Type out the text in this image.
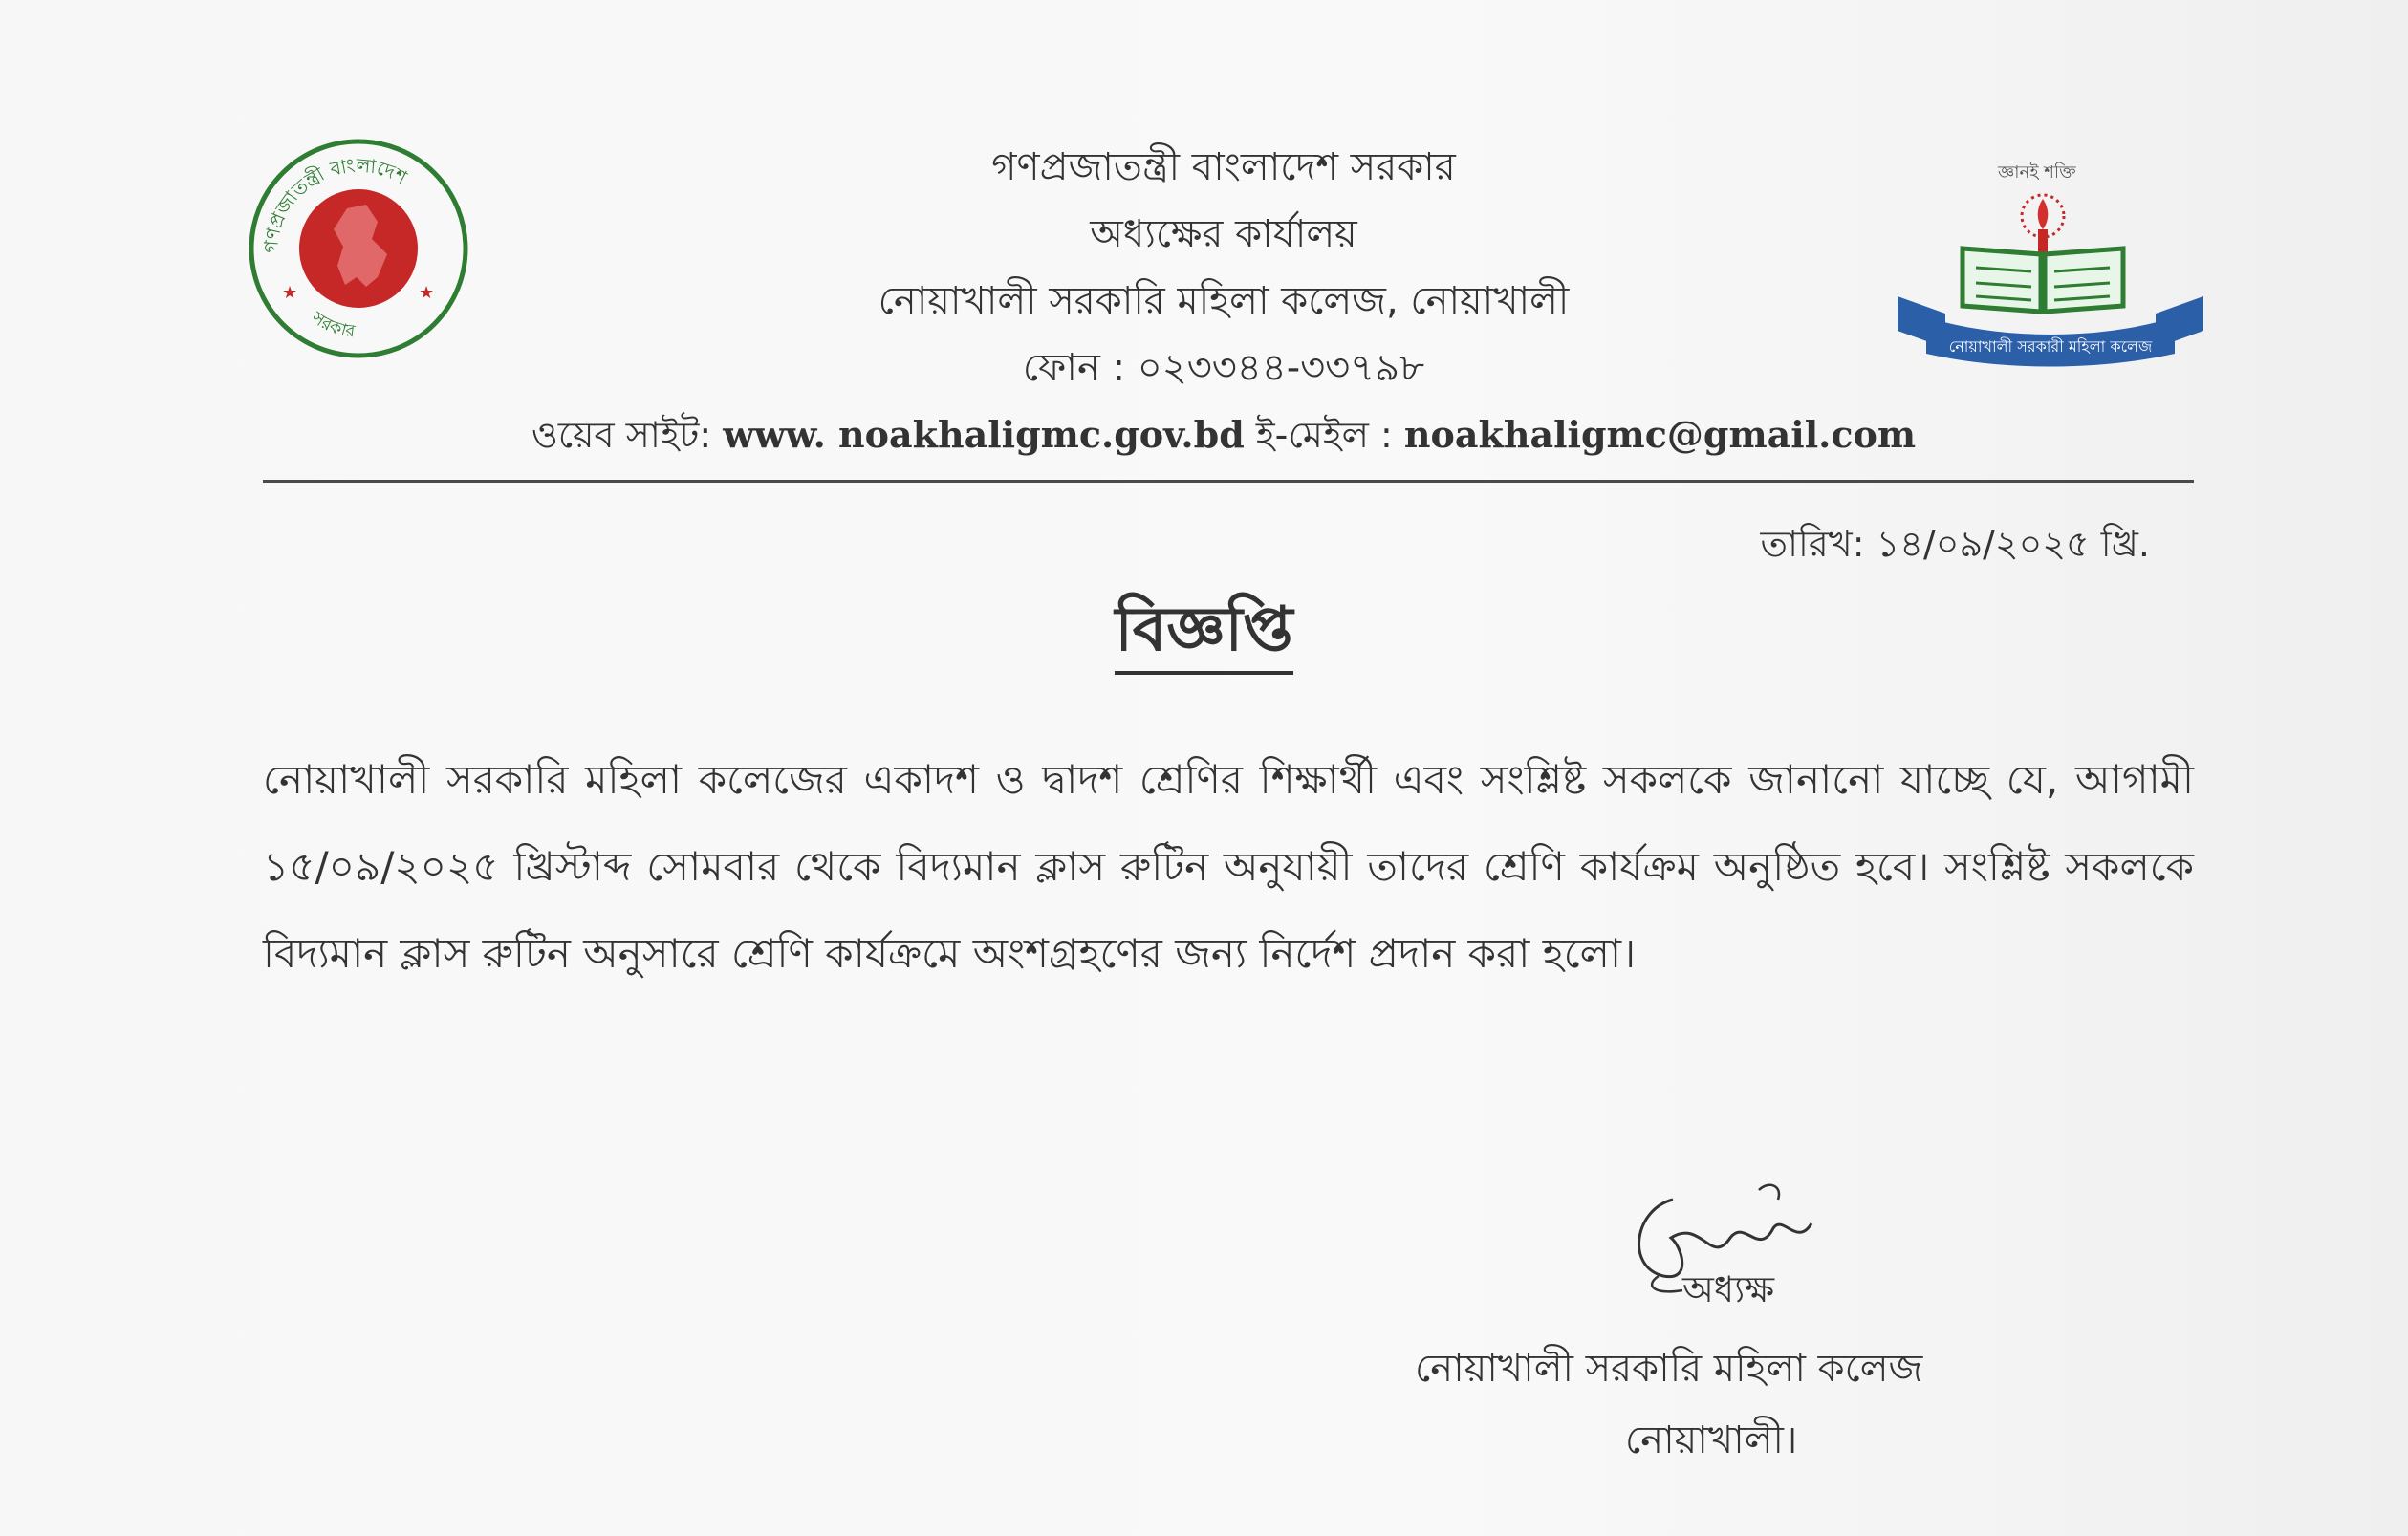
গণপ্রজাতন্ত্রী বাংলাদেশ
সরকার
★	★
গণপ্রজাতন্ত্রী বাংলাদেশ সরকার
অধ্যক্ষের কার্যালয়
নোয়াখালী সরকারি মহিলা কলেজ, নোয়াখালী
ফোন : ০২৩৩৪৪-৩৩৭৯৮
ওয়েব সাইট: www. noakhaligmc.gov.bd ই-মেইল : noakhaligmc@gmail.com
জ্ঞানই শক্তি
নোয়াখালী সরকারী মহিলা কলেজ
তারিখ: ১৪/০৯/২০২৫ খ্রি.
বিজ্ঞপ্তি
নোয়াখালী সরকারি মহিলা কলেজের একাদশ ও দ্বাদশ শ্রেণির শিক্ষার্থী এবং সংশ্লিষ্ট সকলকে জানানো যাচ্ছে যে, আগামী ১৫/০৯/২০২৫ খ্রিস্টাব্দ সোমবার থেকে বিদ্যমান ক্লাস রুটিন অনুযায়ী তাদের শ্রেণি কার্যক্রম অনুষ্ঠিত হবে। সংশ্লিষ্ট সকলকে বিদ্যমান ক্লাস রুটিন অনুসারে শ্রেণি কার্যক্রমে অংশগ্রহণের জন্য নির্দেশ প্রদান করা হলো।
অধ্যক্ষ
নোয়াখালী সরকারি মহিলা কলেজ
নোয়াখালী।
